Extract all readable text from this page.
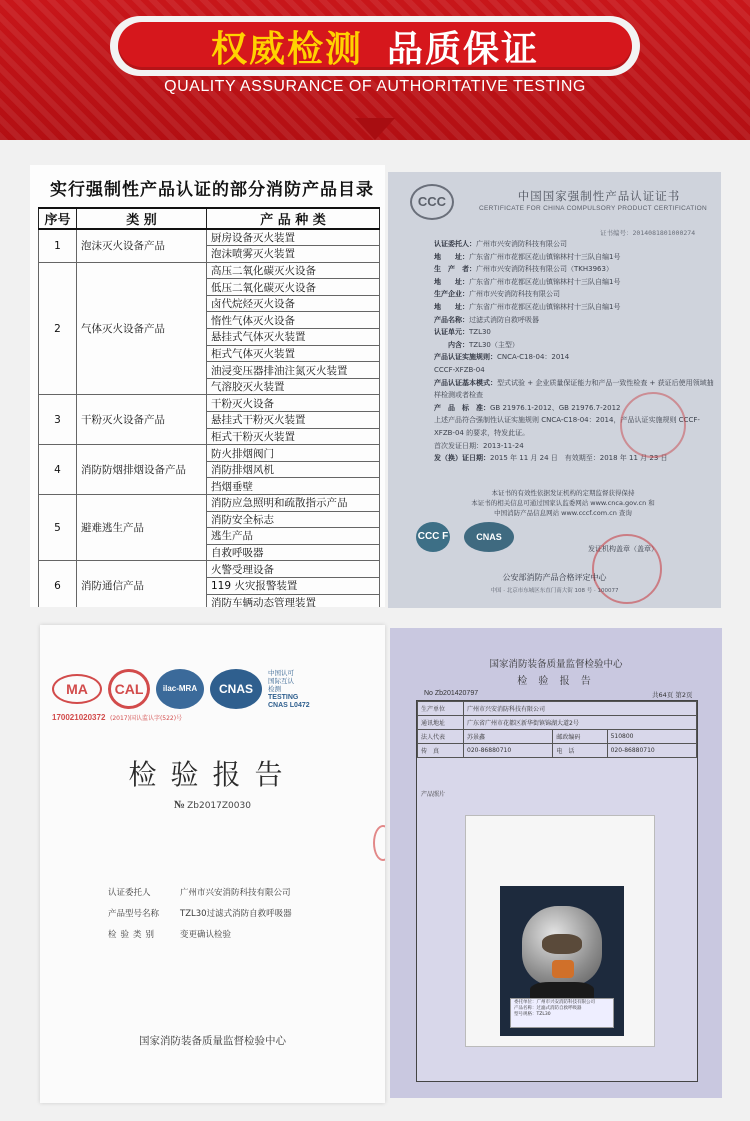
权威检测 品质保证
QUALITY ASSURANCE OF AUTHORITATIVE TESTING
实行强制性产品认证的部分消防产品目录
序号	类 别	产 品 种 类
1	泡沫灭火设备产品	厨房设备灭火装置
		泡沫喷雾灭火装置
2	气体灭火设备产品	高压二氧化碳灭火设备
		低压二氧化碳灭火设备
		卤代烷烃灭火设备
		惰性气体灭火设备
		悬挂式气体灭火装置
		柜式气体灭火装置
		油浸变压器排油注氮灭火装置
		气溶胶灭火装置
3	干粉灭火设备产品	干粉灭火设备
		悬挂式干粉灭火装置
		柜式干粉灭火装置
4	消防防烟排烟设备产品	防火排烟阀门
		消防排烟风机
		挡烟垂壁
5	避难逃生产品	消防应急照明和疏散指示产品
		消防安全标志
		逃生产品
		自救呼吸器
6	消防通信产品	火警受理设备
		119 火灾报警装置
		消防车辆动态管理装置
CCC	中国国家强制性产品认证证书
CERTIFICATE FOR CHINA COMPULSORY PRODUCT CERTIFICATION
证书编号：2014081801000274
认证委托人：广州市兴安消防科技有限公司
地　　址：广东省广州市花都区花山镇锦林村十三队自编1号
生　产　者：广州市兴安消防科技有限公司（TKH3963）
地　　址：广东省广州市花都区花山镇锦林村十三队自编1号
生产企业：广州市兴安消防科技有限公司
地　　址：广东省广州市花都区花山镇锦林村十三队自编1号
产品名称：过滤式消防自救呼吸器
认证单元：TZL30
　　内含：TZL30（主型）
产品认证实施规则：CNCA-C18-04：2014
CCCF-XFZB-04
产品认证基本模式：型式试验 + 企业质量保证能力和产品一致性检查 + 获证后使用领域抽样检测或者检查
产　品　标　准：GB 21976.1-2012、GB 21976.7-2012
上述产品符合强制性认证实施规则 CNCA-C18-04：2014，产品认证实施规则 CCCF-XFZB-04 的要求，特发此证。
首次发证日期：2013-11-24
发（换）证日期：2015 年 11 月 24 日　有效期至：2018 年 11 月 23 日
本证书的有效性依据发证机构的定期监督获得保持
本证书的相关信息可通过国家认监委网站 www.cnca.gov.cn 和
中国消防产品信息网站 www.cccf.com.cn 查询
CCC F	CNAS
发证机构盖章（盖章）
公安部消防产品合格评定中心
中国 · 北京市东城区东直门南大街 108 号 · 100077
MA	CAL	ilac-MRA	CNAS
中国认可
国际互认
检测
TESTING
CNAS L0472
170021020372 (2017)国认监认字(522)号
检验报告
№ Zb2017Z0030
认证委托人	广州市兴安消防科技有限公司
产品型号名称 TZL30过滤式消防自救呼吸器
检验类别	变更确认检验
国家消防装备质量监督检验中心
国家消防装备质量监督检验中心
检 验 报 告
No Zb201420797	共64页 第2页
生产单位	广州市兴安消防科技有限公司		
通讯地址	广东省广州市花都区新华街镇锦湖大道2号		
法人代表	苏景鑫	邮政编码	510800
传　真	020-86880710	电　话	020-86880710
产品照片
委托单位：广州市兴安消防科技有限公司
产品名称：过滤式消防自救呼吸器
型号规格：TZL30
